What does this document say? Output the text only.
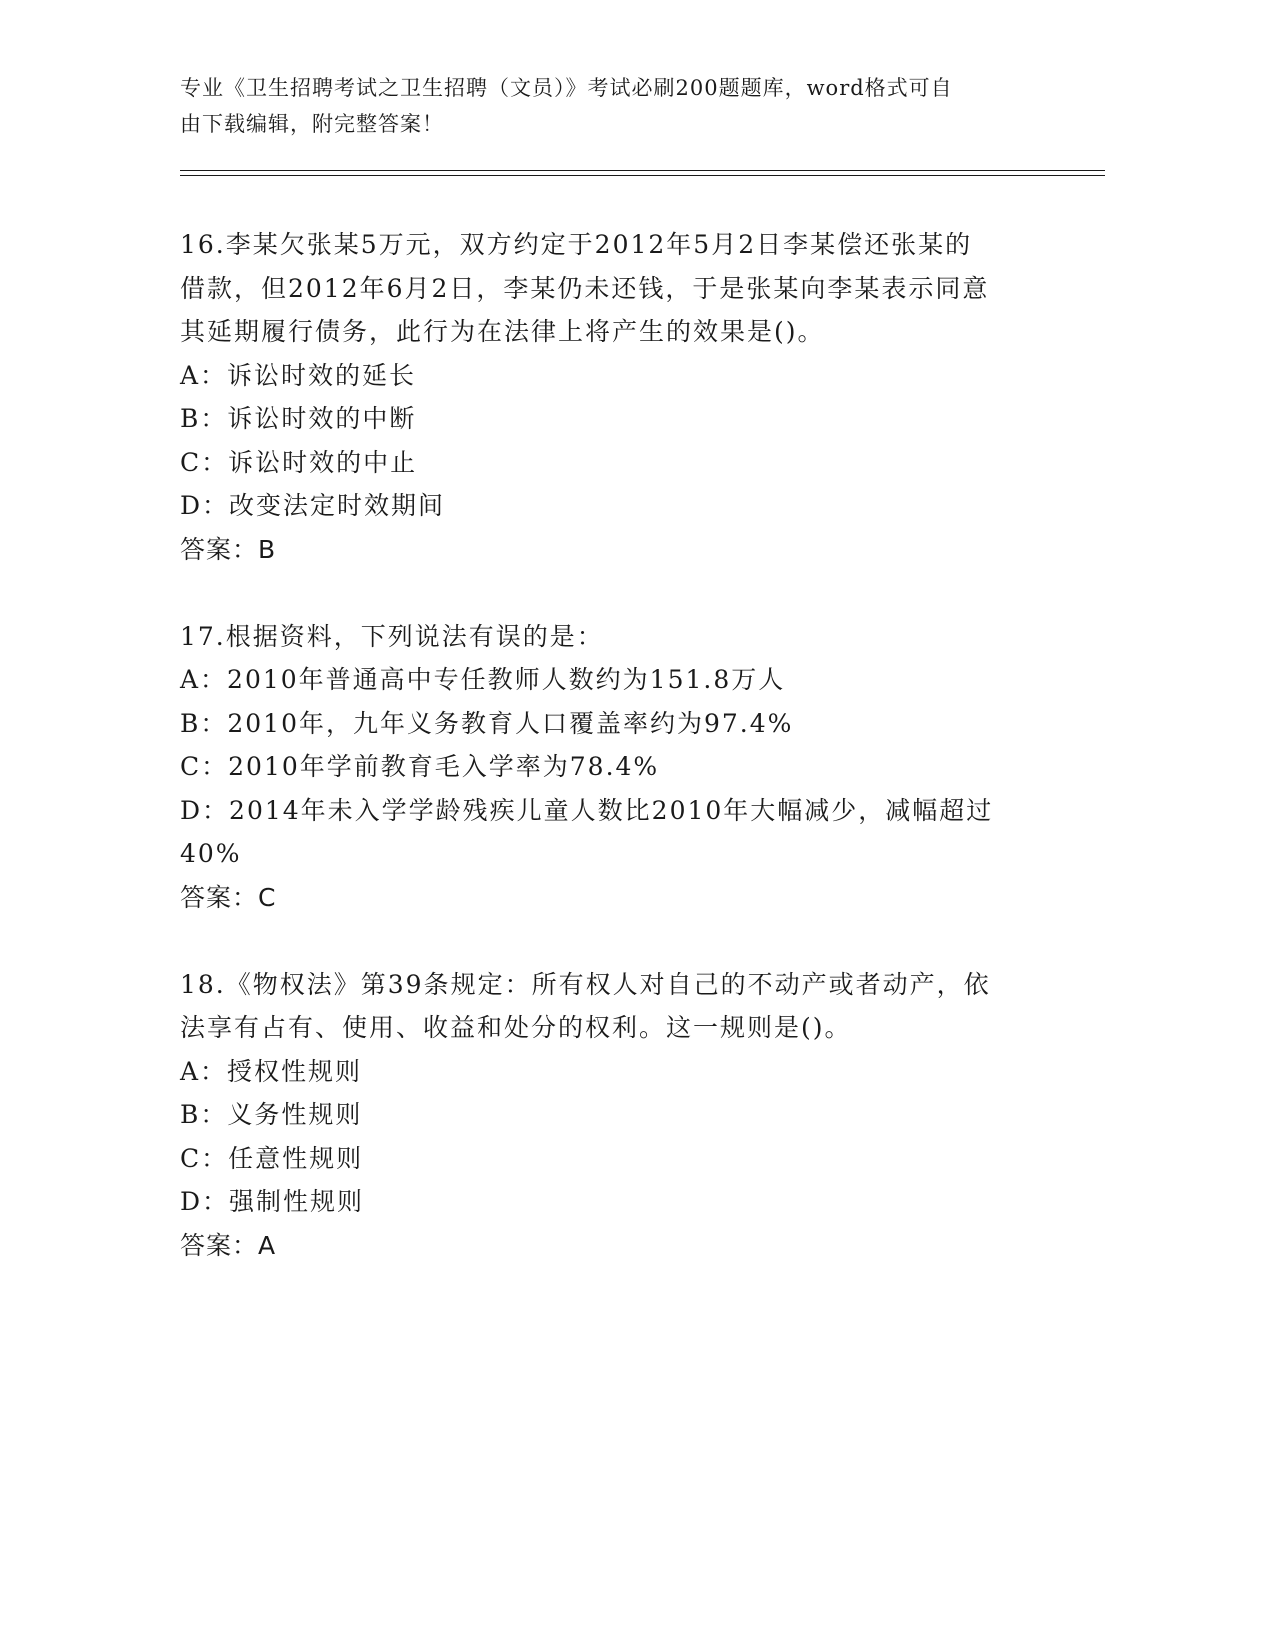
专业《卫生招聘考试之卫生招聘（文员）》考试必刷200题题库，word格式可自
由下载编辑，附完整答案！
16.李某欠张某5万元，双方约定于2012年5月2日李某偿还张某的
借款，但2012年6月2日，李某仍未还钱，于是张某向李某表示同意
其延期履行债务，此行为在法律上将产生的效果是()。
A：诉讼时效的延长
B：诉讼时效的中断
C：诉讼时效的中止
D：改变法定时效期间
答案：B
17.根据资料，下列说法有误的是：
A：2010年普通高中专任教师人数约为151.8万人
B：2010年，九年义务教育人口覆盖率约为97.4%
C：2010年学前教育毛入学率为78.4%
D：2014年未入学学龄残疾儿童人数比2010年大幅减少，减幅超过
40%
答案：C
18.《物权法》第39条规定：所有权人对自己的不动产或者动产，依
法享有占有、使用、收益和处分的权利。这一规则是()。
A：授权性规则
B：义务性规则
C：任意性规则
D：强制性规则
答案：A
